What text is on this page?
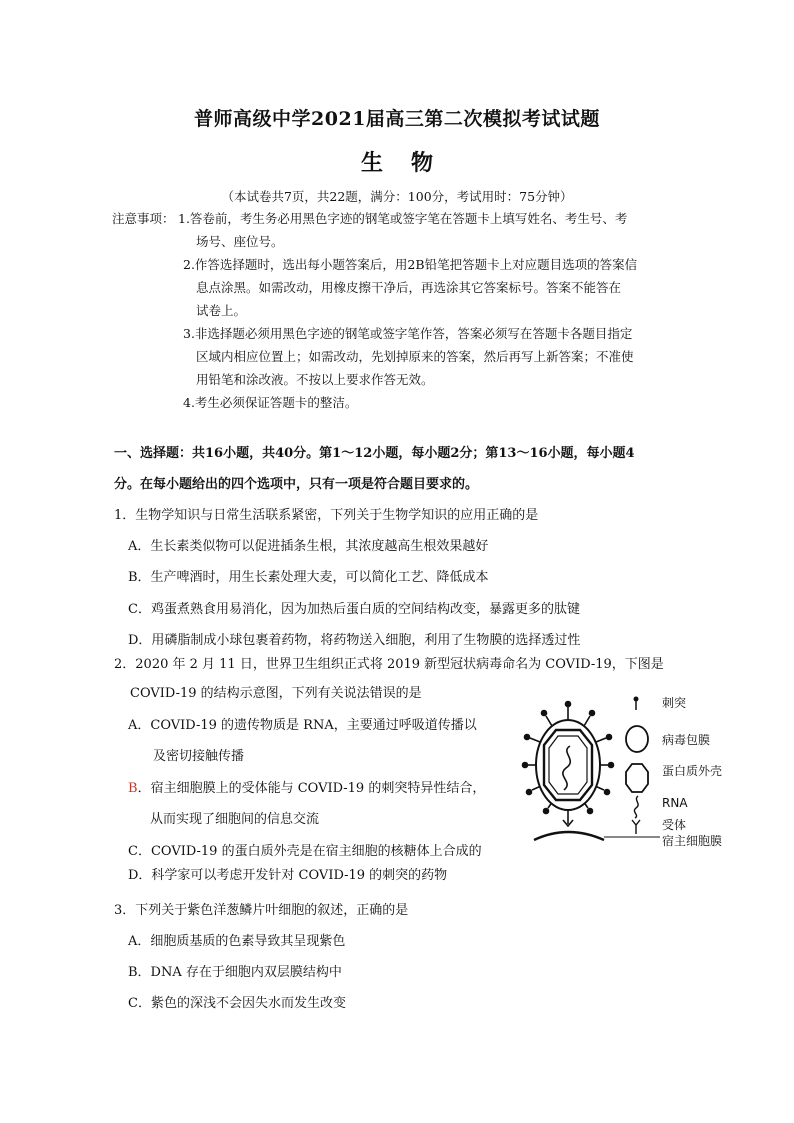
普师高级中学2021届高三第二次模拟考试试题
生物
（本试卷共7页，共22题，满分：100分，考试用时：75分钟）
注意事项： 1.答卷前，考生务必用黑色字迹的钢笔或签字笔在答题卡上填写姓名、考生号、考
场号、座位号。
2.作答选择题时，选出每小题答案后，用2B铅笔把答题卡上对应题目选项的答案信
息点涂黑。如需改动，用橡皮擦干净后，再选涂其它答案标号。答案不能答在
试卷上。
3.非选择题必须用黑色字迹的钢笔或签字笔作答，答案必须写在答题卡各题目指定
区域内相应位置上；如需改动，先划掉原来的答案，然后再写上新答案；不准使
用铅笔和涂改液。不按以上要求作答无效。
4.考生必须保证答题卡的整洁。
一、选择题：共16小题，共40分。第1～12小题，每小题2分；第13～16小题，每小题4
分。在每小题给出的四个选项中，只有一项是符合题目要求的。
1．生物学知识与日常生活联系紧密，下列关于生物学知识的应用正确的是
A．生长素类似物可以促进插条生根，其浓度越高生根效果越好
B．生产啤酒时，用生长素处理大麦，可以简化工艺、降低成本
C．鸡蛋煮熟食用易消化，因为加热后蛋白质的空间结构改变，暴露更多的肽键
D．用磷脂制成小球包裹着药物，将药物送入细胞，利用了生物膜的选择透过性
2．2020 年 2 月 11 日，世界卫生组织正式将 2019 新型冠状病毒命名为 COVID-19，下图是
COVID-19 的结构示意图，下列有关说法错误的是
A．COVID-19 的遗传物质是 RNA，主要通过呼吸道传播以
及密切接触传播
B．宿主细胞膜上的受体能与 COVID-19 的刺突特异性结合，
从而实现了细胞间的信息交流
C．COVID-19 的蛋白质外壳是在宿主细胞的核糖体上合成的
D．科学家可以考虑开发针对 COVID-19 的刺突的药物
刺突
病毒包膜
蛋白质外壳
RNA
受体
宿主细胞膜
3．下列关于紫色洋葱鳞片叶细胞的叙述，正确的是
A．细胞质基质的色素导致其呈现紫色
B．DNA 存在于细胞内双层膜结构中
C．紫色的深浅不会因失水而发生改变
